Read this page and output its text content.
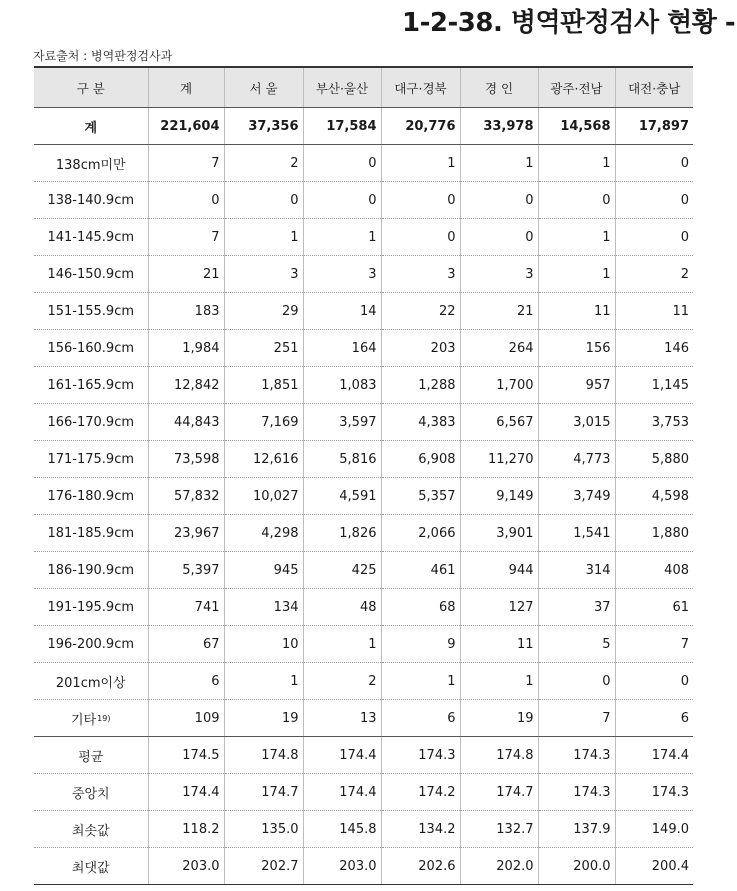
1-2-38. 병역판정검사 현황 -
자료출처 : 병역판정검사과
구 분	계	서 울	부산·울산	대구·경북	경 인	광주·전남	대전·충남
계	221,604	37,356	17,584	20,776	33,978	14,568	17,897
138cm미만	7	2	0	1	1	1	0
138-140.9cm	0	0	0	0	0	0	0
141-145.9cm	7	1	1	0	0	1	0
146-150.9cm	21	3	3	3	3	1	2
151-155.9cm	183	29	14	22	21	11	11
156-160.9cm	1,984	251	164	203	264	156	146
161-165.9cm	12,842	1,851	1,083	1,288	1,700	957	1,145
166-170.9cm	44,843	7,169	3,597	4,383	6,567	3,015	3,753
171-175.9cm	73,598	12,616	5,816	6,908	11,270	4,773	5,880
176-180.9cm	57,832	10,027	4,591	5,357	9,149	3,749	4,598
181-185.9cm	23,967	4,298	1,826	2,066	3,901	1,541	1,880
186-190.9cm	5,397	945	425	461	944	314	408
191-195.9cm	741	134	48	68	127	37	61
196-200.9cm	67	10	1	9	11	5	7
201cm이상	6	1	2	1	1	0	0
기타$^{19)}$	109	19	13	6	19	7	6
평균	174.5	174.8	174.4	174.3	174.8	174.3	174.4
중앙치	174.4	174.7	174.4	174.2	174.7	174.3	174.3
최솟값	118.2	135.0	145.8	134.2	132.7	137.9	149.0
최댓값	203.0	202.7	203.0	202.6	202.0	200.0	200.4
